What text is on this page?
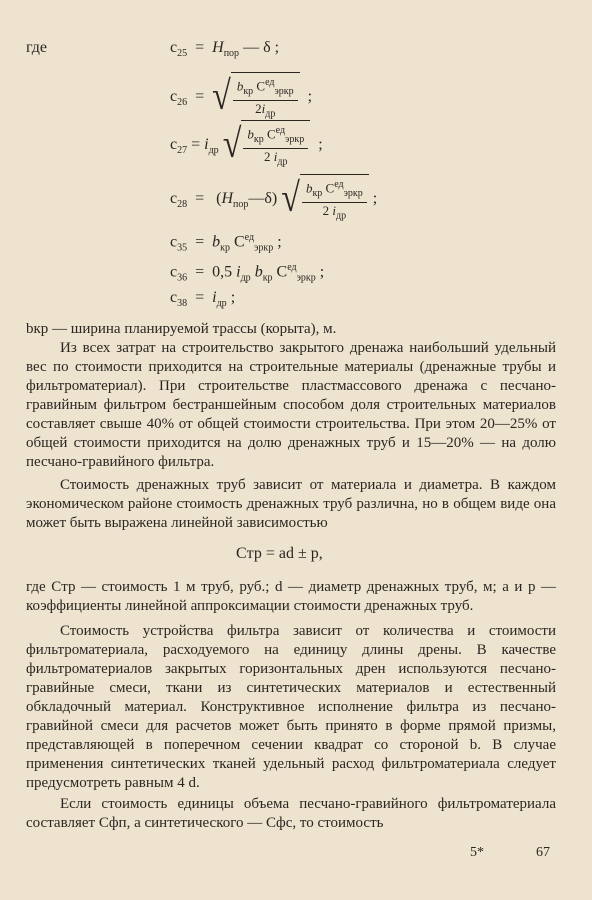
где	$c_{25} = H_{пор}$ — δ ;
$c_{26}$  =  √ $\frac{b_{кр} C^{ед}_{эркр}}{2i_{др}}$ ;
$c_{27} = i_{др}$ √ $\frac{b_{кр} C^{ед}_{эркр}}{2 i_{др}}$ ;
$c_{28}$  =   $(H_{пор}—\delta)$ √ $\frac{b_{кр} C^{ед}_{эркр}}{2 i_{др}}$ ;
$c_{35} = b_{кр}$ $C^{ед}_{эркр}$ ;
$c_{36} = 0,5$ $i_{др}$ $b_{кр}$ $C^{ед}_{эркр}$ ;
$c_{38} = i_{др}$ ;

bкр — ширина планируемой трассы (корыта), м.

Из всех затрат на строительство закрытого дренажа наибольший удельный вес по стоимости приходится на строительные материалы (дренажные трубы и фильтроматериал). При строительстве пластмассового дренажа с песчано-гравийным фильтром бестраншейным способом доля строительных материалов составляет свыше 40% от общей стоимости строительства. При этом 20—25% от общей стоимости приходится на долю дренажных труб и 15—20% — на долю песчано-гравийного фильтра.

Стоимость дренажных труб зависит от материала и диаметра. В каждом экономическом районе стоимость дренажных труб различна, но в общем виде она может быть выражена линейной зависимостью

Cтр = ad ± p,

где Cтр — стоимость 1 м труб, руб.; d — диаметр дренажных труб, м; a и p — коэффициенты линейной аппроксимации стоимости дренажных труб.

Стоимость устройства фильтра зависит от количества и стоимости фильтроматериала, расходуемого на единицу длины дрены. В качестве фильтроматериалов закрытых горизонтальных дрен используются песчано-гравийные смеси, ткани из синтетических материалов и естественный обкладочный материал. Конструктивное исполнение фильтра из песчано-гравийной смеси для расчетов может быть принято в форме прямой призмы, представляющей в поперечном сечении квадрат со стороной b. В случае применения синтетических тканей удельный расход фильтроматериала следует предусмотреть равным 4 d.

Если стоимость единицы объема песчано-гравийного фильтроматериала составляет Cфп, а синтетического — Cфс, то стоимость

5*	67
